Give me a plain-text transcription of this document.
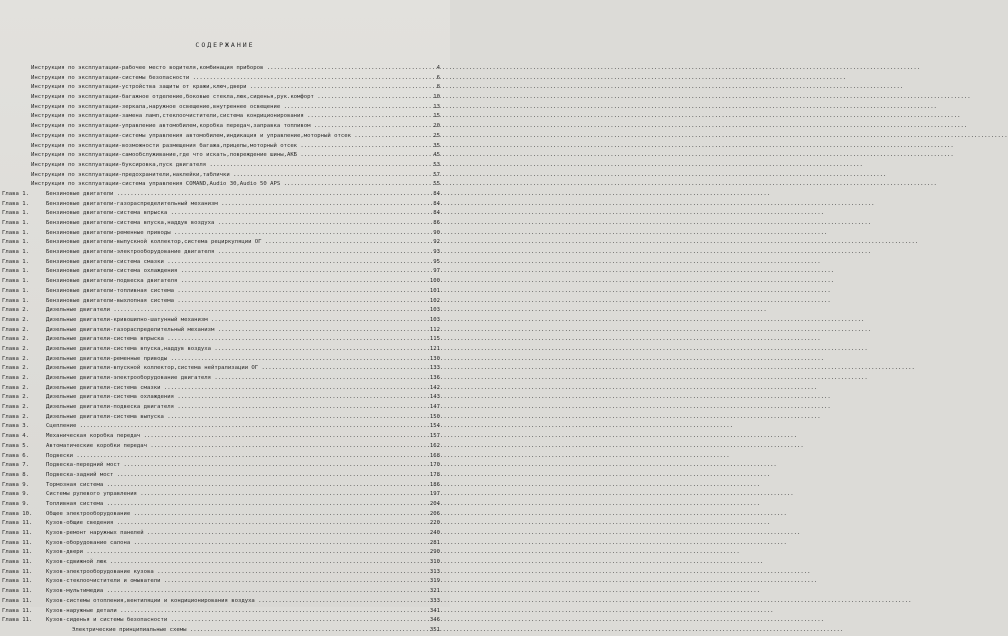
СОДЕРЖАНИЕ
Инструкция по эксплуатации-рабочее место водителя,комбинация приборов .....	4
Инструкция по эксплуатации-системы безопасности .....	6
Инструкция по эксплуатации-устройства защиты от кражи,ключ,двери .....	8
Инструкция по эксплуатации-багажное отделение,боковые стекла,люк,сиденья,рук.комфорт .....	10
Инструкция по эксплуатации-зеркала,наружное освещение,внутреннее освещение .....	13
Инструкция по эксплуатации-замена ламп,стеклоочистители,система кондиционирования .....	15
Инструкция по эксплуатации-управление автомобилем,коробка передач,заправка топливом .....	20
Инструкция по эксплуатации-системы управления автомобилем,индикация и управление,моторный отсек .....	25
Инструкция по эксплуатации-возможности размещения багажа,прицепы,моторный отсек .....	35
Инструкция по эксплуатации-самообслуживание,где что искать,повреждение шины,АКБ .....	45
Инструкция по эксплуатации-буксировка,пуск двигателя .....	53
Инструкция по эксплуатации-предохранители,наклейки,таблички .....	57
Инструкция по эксплуатации-система управления COMAND,Audio 30,Audio 50 APS .....	55
Глава 1.	Бензиновые двигатели .....	84
Глава 1.	Бензиновые двигатели-газораспределительный механизм .....	84
Глава 1.	Бензиновые двигатели-система впрыска .....	84
Глава 1.	Бензиновые двигатели-система впуска,наддув воздуха .....	86
Глава 1.	Бензиновые двигатели-ременные приводы .....	90
Глава 1.	Бензиновые двигатели-выпускной коллектор,система рециркуляции ОГ .....	92
Глава 1.	Бензиновые двигатели-электрооборудование двигателя .....	93
Глава 1.	Бензиновые двигатели-система смазки .....	95
Глава 1.	Бензиновые двигатели-система охлаждения .....	97
Глава 1.	Бензиновые двигатели-подвеска двигателя .....	100
Глава 1.	Бензиновые двигатели-топливная система .....	101
Глава 1.	Бензиновые двигатели-выхлопная система .....	102
Глава 2.	Дизельные двигатели .....	103
Глава 2.	Дизельные двигатели-кривошипно-шатунный механизм .....	103
Глава 2.	Дизельные двигатели-газораспределительный механизм .....	112
Глава 2.	Дизельные двигатели-система впрыска .....	115
Глава 2.	Дизельные двигатели-система впуска,наддув воздуха .....	121
Глава 2.	Дизельные двигатели-ременные приводы .....	130
Глава 2.	Дизельные двигатели-впускной коллектор,система нейтрализации ОГ .....	133
Глава 2.	Дизельные двигатели-электрооборудование двигателя .....	136
Глава 2.	Дизельные двигатели-система смазки .....	142
Глава 2.	Дизельные двигатели-система охлаждения .....	143
Глава 2.	Дизельные двигатели-подвеска двигателя .....	147
Глава 2.	Дизельные двигатели-система выпуска .....	150
Глава 3.	Сцепление .....	154
Глава 4.	Механическая коробка передач .....	157
Глава 5.	Автоматические коробки передач .....	162
Глава 6.	Подвески .....	168
Глава 7.	Подвеска-передний мост .....	170
Глава 8.	Подвеска-задний мост .....	178
Глава 9.	Тормозная система .....	186
Глава 9.	Системы рулевого управления .....	197
Глава 9.	Топливная система .....	204
Глава 10. Общее электрооборудование .....	206
Глава 11. Кузов-общие сведения .....	220
Глава 11. Кузов-ремонт наружных панелей .....	240
Глава 11. Кузов-оборудование салона .....	281
Глава 11. Кузов-двери .....	290
Глава 11. Кузов-сдвижной люк .....	310
Глава 11. Кузов-электрооборудование кузова .....	313
Глава 11. Кузов-стеклоочистители и омыватели .....	319
Глава 11. Кузов-мультимедиа .....	321
Глава 11. Кузов-системы отопления,вентиляции и кондиционирования воздуха .....	333
Глава 11. Кузов-наружные детали .....	341
Глава 11. Кузов-сиденья и системы безопасности .....	346
Электрические принципиальные схемы .....	351
